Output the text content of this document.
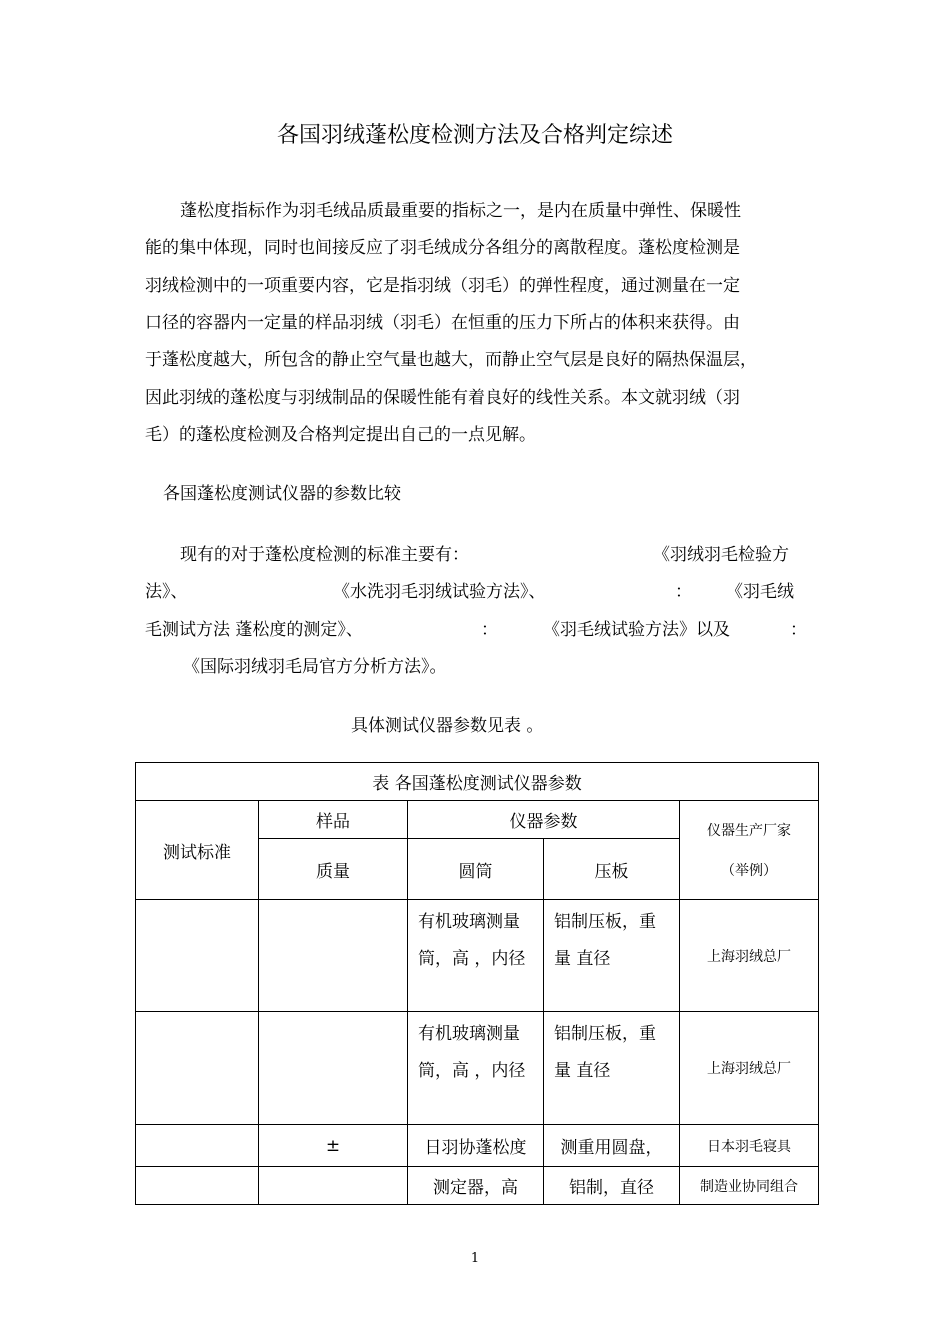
各国羽绒蓬松度检测方法及合格判定综述
蓬松度指标作为羽毛绒品质最重要的指标之一，是内在质量中弹性、保暖性
能的集中体现，同时也间接反应了羽毛绒成分各组分的离散程度。蓬松度检测是
羽绒检测中的一项重要内容，它是指羽绒（羽毛）的弹性程度，通过测量在一定
口径的容器内一定量的样品羽绒（羽毛）在恒重的压力下所占的体积来获得。由
于蓬松度越大，所包含的静止空气量也越大，而静止空气层是良好的隔热保温层，
因此羽绒的蓬松度与羽绒制品的保暖性能有着良好的线性关系。本文就羽绒（羽
毛）的蓬松度检测及合格判定提出自己的一点见解。
各国蓬松度测试仪器的参数比较
现有的对于蓬松度检测的标准主要有：	《羽绒羽毛检验方
法》、	《水洗羽毛羽绒试验方法》、	： 《羽毛绒
毛测试方法 蓬松度的测定》、	：	《羽毛绒试验方法》以及	：
《国际羽绒羽毛局官方分析方法》。
具体测试仪器参数见表 。
表 各国蓬松度测试仪器参数				
测试标准	样品	仪器参数		仪器生产厂家
（举例）

	质量	圆筒	压板	
		有机玻璃测量筒，高 ，内径	铝制压板，重量 直径	上海羽绒总厂
		有机玻璃测量筒，高 ，内径	铝制压板，重量 直径	上海羽绒总厂
	±	日羽协蓬松度	测重用圆盘，	日本羽毛寝具
		测定器，高	铝制，直径	制造业协同组合
1
